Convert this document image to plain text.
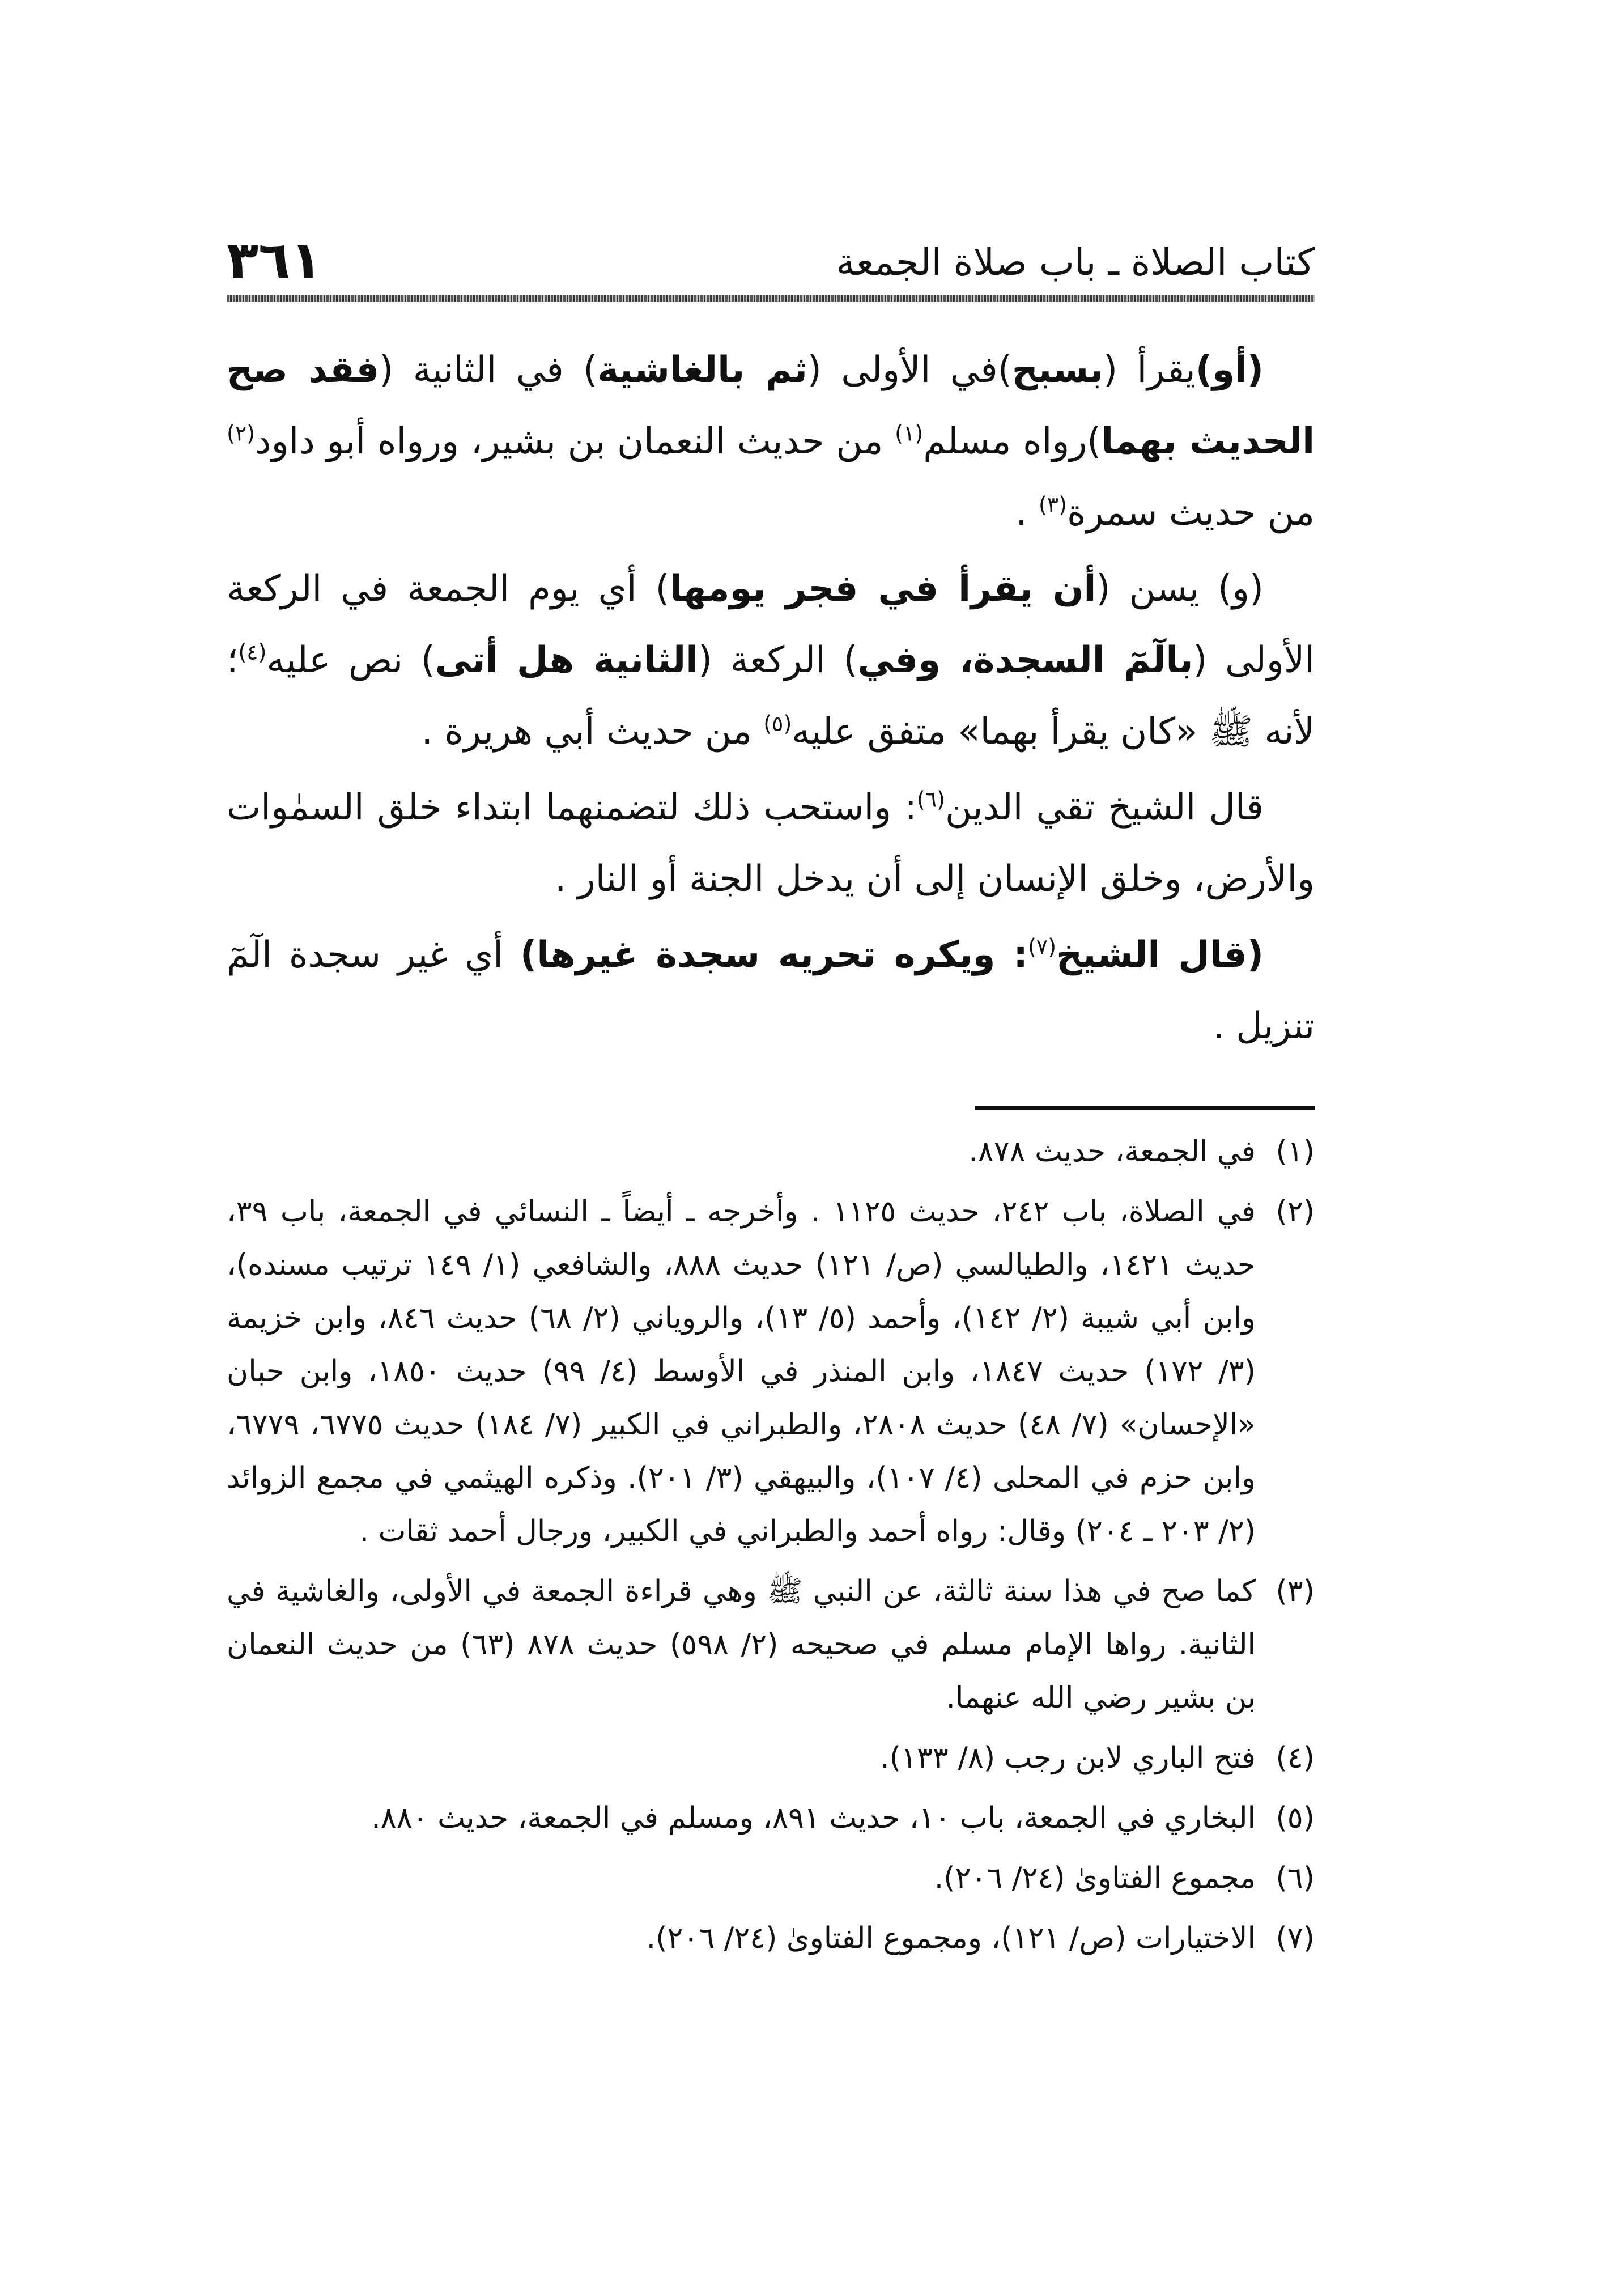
٣٦١	كتاب الصلاة ـ باب صلاة الجمعة

(أو)يقرأ (بسبح)في الأولى (ثم بالغاشية) في الثانية (فقد صح الحديث بهما)رواه مسلم$^{(١)}$ من حديث النعمان بن بشير، ورواه أبو داود$^{(٢)}$ من حديث سمرة$^{(٣)}$ .

(و) يسن (أن يقرأ في فجر يومها) أي يوم الجمعة في الركعة الأولى (بالٓمٓ السجدة، وفي) الركعة (الثانية هل أتى) نص عليه$^{(٤)}$؛ لأنه ﷺ «كان يقرأ بهما» متفق عليه$^{(٥)}$ من حديث أبي هريرة .

قال الشيخ تقي الدين$^{(٦)}$: واستحب ذلك لتضمنهما ابتداء خلق السمٰوات والأرض، وخلق الإنسان إلى أن يدخل الجنة أو النار .

(قال الشيخ$^{(٧)}$: ويكره تحريه سجدة غيرها) أي غير سجدة الٓمٓ تنزيل .

(١)
في الجمعة، حديث ٨٧٨.
(٢)
في الصلاة، باب ٢٤٢، حديث ١١٢٥ . وأخرجه ـ أيضاً ـ النسائي في الجمعة، باب ٣٩، حديث ١٤٢١، والطيالسي (ص/ ١٢١) حديث ٨٨٨، والشافعي (١/ ١٤٩ ترتيب مسنده)، وابن أبي شيبة (٢/ ١٤٢)، وأحمد (٥/ ١٣)، والروياني (٢/ ٦٨) حديث ٨٤٦، وابن خزيمة (٣/ ١٧٢) حديث ١٨٤٧، وابن المنذر في الأوسط (٤/ ٩٩) حديث ١٨٥٠، وابن حبان «الإحسان» (٧/ ٤٨) حديث ٢٨٠٨، والطبراني في الكبير (٧/ ١٨٤) حديث ٦٧٧٥، ٦٧٧٩، وابن حزم في المحلى (٤/ ١٠٧)، والبيهقي (٣/ ٢٠١). وذكره الهيثمي في مجمع الزوائد (٢/ ٢٠٣ ـ ٢٠٤) وقال: رواه أحمد والطبراني في الكبير، ورجال أحمد ثقات .
(٣)
كما صح في هذا سنة ثالثة، عن النبي ﷺ وهي قراءة الجمعة في الأولى، والغاشية في الثانية. رواها الإمام مسلم في صحيحه (٢/ ٥٩٨) حديث ٨٧٨ (٦٣) من حديث النعمان بن بشير رضي الله عنهما.
(٤)
فتح الباري لابن رجب (٨/ ١٣٣).
(٥)
البخاري في الجمعة، باب ١٠، حديث ٨٩١، ومسلم في الجمعة، حديث ٨٨٠.
(٦)
مجموع الفتاوىٰ (٢٤/ ٢٠٦).
(٧)
الاختيارات (ص/ ١٢١)، ومجموع الفتاوىٰ (٢٤/ ٢٠٦).
